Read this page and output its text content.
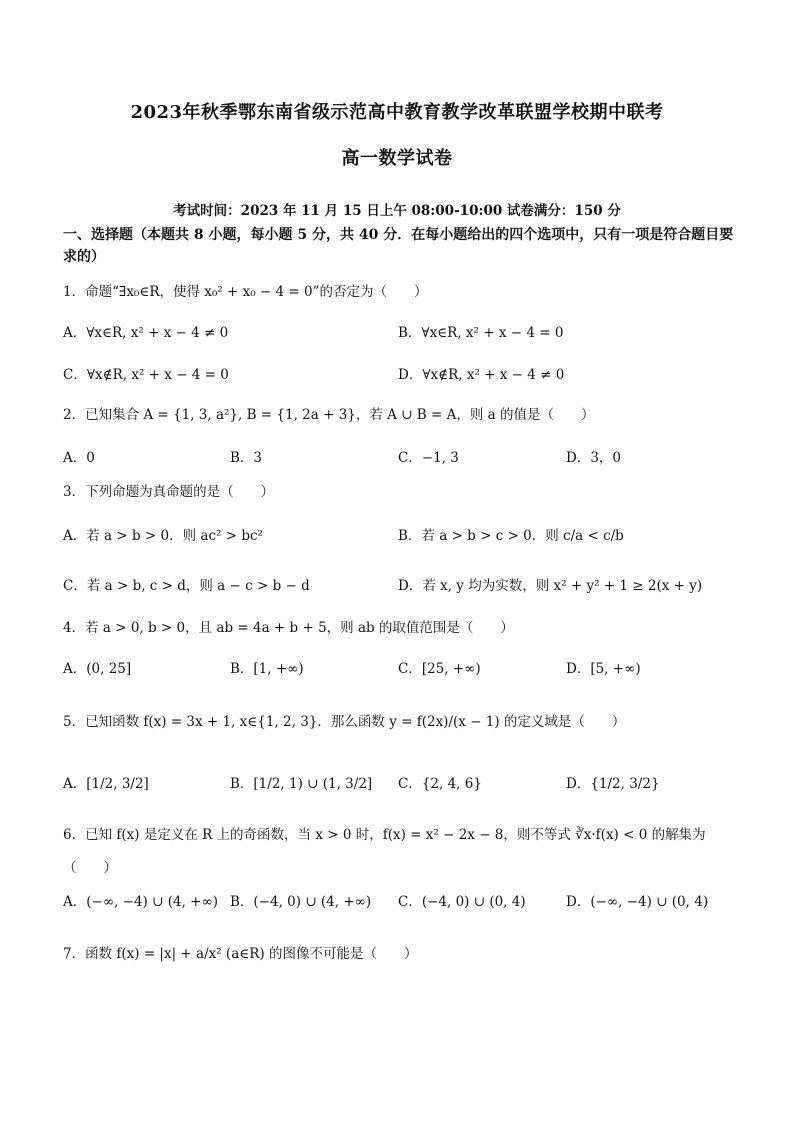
2023年秋季鄂东南省级示范高中教育教学改革联盟学校期中联考
高一数学试卷
考试时间：2023 年 11 月 15 日上午 08:00-10:00 试卷满分：150 分
一、选择题（本题共 8 小题，每小题 5 分，共 40 分．在每小题给出的四个选项中，只有一项是符合题目要求的）
1．命题“∃x₀∈R，使得 x₀² + x₀ − 4 = 0”的否定为（　　）
A．∀x∈R, x² + x − 4 ≠ 0	B．∀x∈R, x² + x − 4 = 0
C．∀x∉R, x² + x − 4 = 0	D．∀x∉R, x² + x − 4 ≠ 0
2．已知集合 A = {1, 3, a²}, B = {1, 2a + 3}，若 A ∪ B = A，则 a 的值是（　　）
A．0	B．3	C．−1, 3	D．3，0
3．下列命题为真命题的是（　　）
A．若 a > b > 0．则 ac² > bc²	B．若 a > b > c > 0．则 c/a < c/b
C．若 a > b, c > d，则 a − c > b − d	D．若 x, y 均为实数，则 x² + y² + 1 ≥ 2(x + y)
4．若 a > 0, b > 0，且 ab = 4a + b + 5，则 ab 的取值范围是（　　）
A．(0, 25]	B．[1, +∞)	C．[25, +∞)	D．[5, +∞)
5．已知函数 f(x) = 3x + 1, x∈{1, 2, 3}．那么函数 y = f(2x)/(x − 1) 的定义域是（　　）
A．[1/2, 3/2]	B．[1/2, 1) ∪ (1, 3/2] C．{2, 4, 6}	D．{1/2, 3/2}
6．已知 f(x) 是定义在 R 上的奇函数，当 x > 0 时，f(x) = x² − 2x − 8，则不等式 ∛x·f(x) < 0 的解集为
（　　）
A．(−∞, −4) ∪ (4, +∞) B．(−4, 0) ∪ (4, +∞) C．(−4, 0) ∪ (0, 4)	D．(−∞, −4) ∪ (0, 4)
7．函数 f(x) = |x| + a/x² (a∈R) 的图像不可能是（　　）
